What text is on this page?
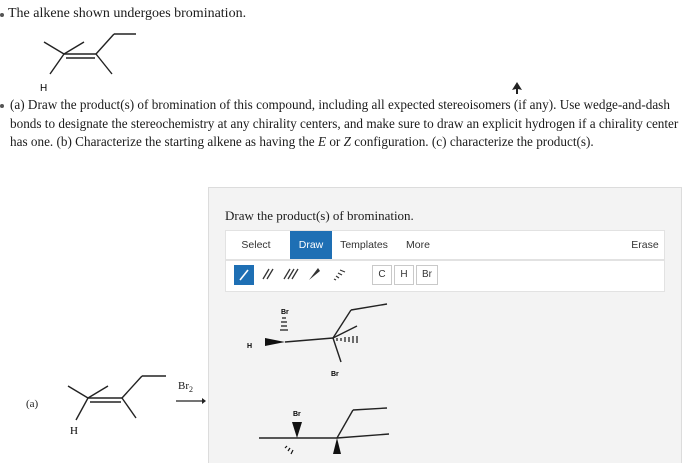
The alkene shown undergoes bromination.
H
(a) Draw the product(s) of bromination of this compound, including all expected stereoisomers (if any). Use wedge-and-dash bonds to designate the stereochemistry at any chirality centers, and make sure to draw an explicit hydrogen if a chirality center has one. (b) Characterize the starting alkene as having the E or Z configuration. (c) characterize the product(s).
Draw the product(s) of bromination.
Select	Draw	Templates	More	Erase
C	H	Br
Br
H
Br
Br
(a)
H
$Br_2$
